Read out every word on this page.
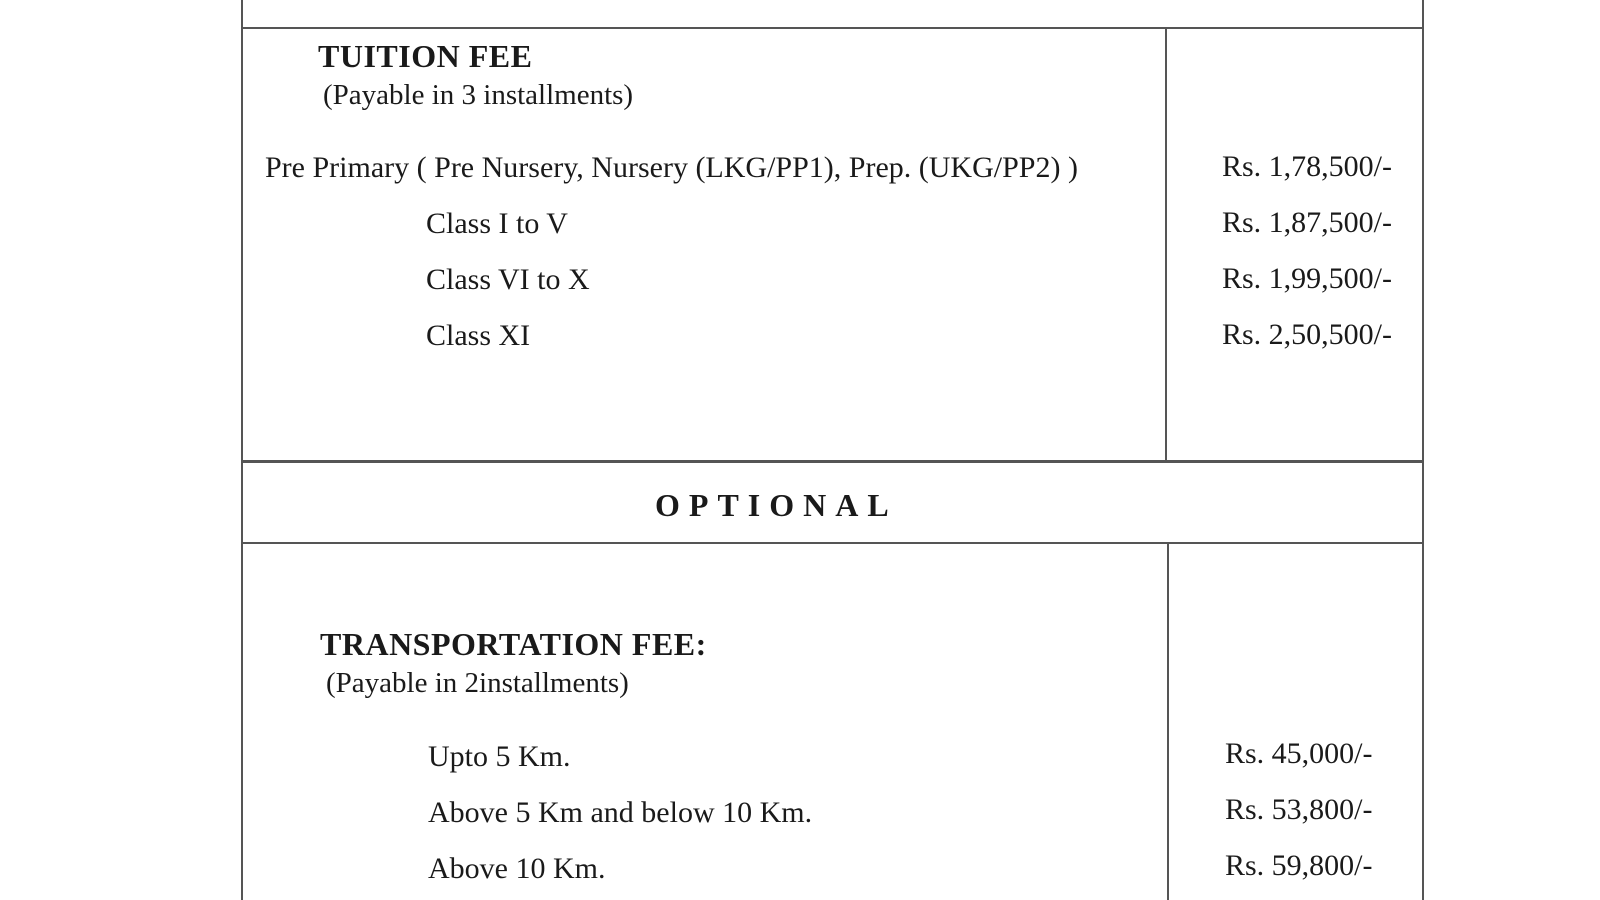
TUITION FEE
(Payable in 3 installments)
Pre Primary ( Pre Nursery, Nursery (LKG/PP1), Prep. (UKG/PP2) )	Rs. 1,78,500/-
Class I to V	Rs. 1,87,500/-
Class VI to X	Rs. 1,99,500/-
Class XI	Rs. 2,50,500/-
OPTIONAL
TRANSPORTATION FEE:
(Payable in 2installments)
Upto 5 Km.	Rs. 45,000/-
Above 5 Km and below 10 Km.	Rs. 53,800/-
Above 10 Km.	Rs. 59,800/-
